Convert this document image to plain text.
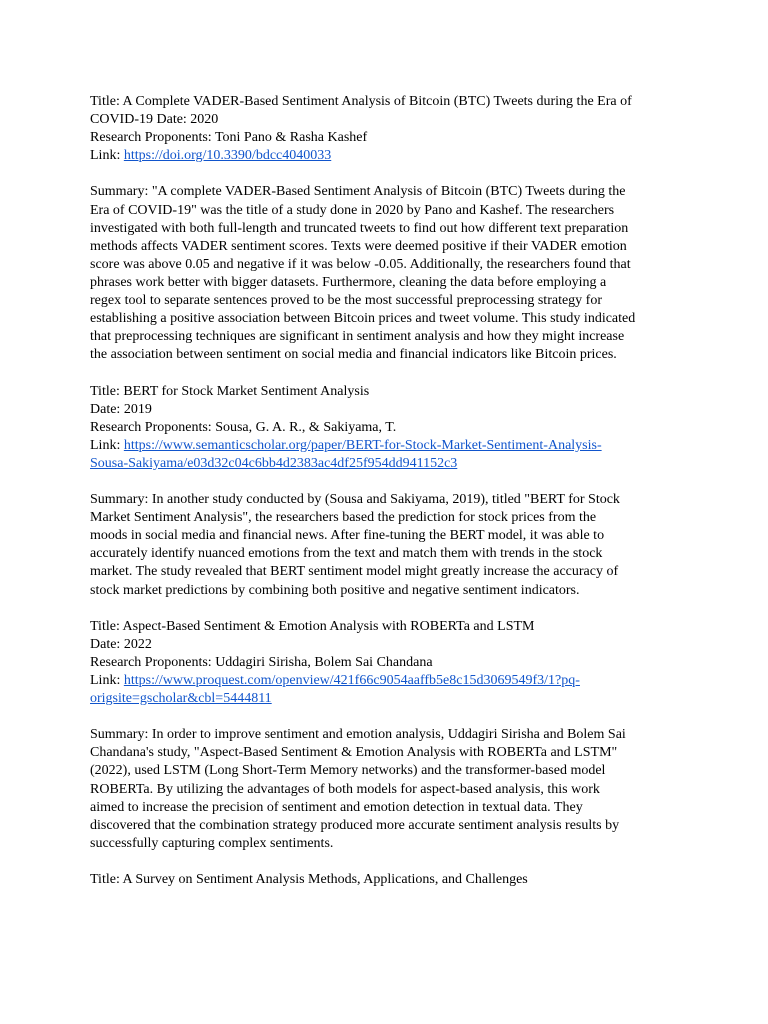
Title: A Complete VADER-Based Sentiment Analysis of Bitcoin (BTC) Tweets during the Era of
COVID-19 Date: 2020
Research Proponents: Toni Pano & Rasha Kashef
Link: https://doi.org/10.3390/bdcc4040033
Summary: "A complete VADER-Based Sentiment Analysis of Bitcoin (BTC) Tweets during the
Era of COVID-19" was the title of a study done in 2020 by Pano and Kashef. The researchers
investigated with both full-length and truncated tweets to find out how different text preparation
methods affects VADER sentiment scores. Texts were deemed positive if their VADER emotion
score was above 0.05 and negative if it was below -0.05. Additionally, the researchers found that
phrases work better with bigger datasets. Furthermore, cleaning the data before employing a
regex tool to separate sentences proved to be the most successful preprocessing strategy for
establishing a positive association between Bitcoin prices and tweet volume. This study indicated
that preprocessing techniques are significant in sentiment analysis and how they might increase
the association between sentiment on social media and financial indicators like Bitcoin prices.
Title: BERT for Stock Market Sentiment Analysis
Date: 2019
Research Proponents: Sousa, G. A. R., & Sakiyama, T.
Link: https://www.semanticscholar.org/paper/BERT-for-Stock-Market-Sentiment-Analysis-
Sousa-Sakiyama/e03d32c04c6bb4d2383ac4df25f954dd941152c3
Summary: In another study conducted by (Sousa and Sakiyama, 2019), titled "BERT for Stock
Market Sentiment Analysis", the researchers based the prediction for stock prices from the
moods in social media and financial news. After fine-tuning the BERT model, it was able to
accurately identify nuanced emotions from the text and match them with trends in the stock
market. The study revealed that BERT sentiment model might greatly increase the accuracy of
stock market predictions by combining both positive and negative sentiment indicators.
Title: Aspect-Based Sentiment & Emotion Analysis with ROBERTa and LSTM
Date: 2022
Research Proponents: Uddagiri Sirisha, Bolem Sai Chandana
Link: https://www.proquest.com/openview/421f66c9054aaffb5e8c15d3069549f3/1?pq-
origsite=gscholar&cbl=5444811
Summary: In order to improve sentiment and emotion analysis, Uddagiri Sirisha and Bolem Sai
Chandana's study, "Aspect-Based Sentiment & Emotion Analysis with ROBERTa and LSTM"
(2022), used LSTM (Long Short-Term Memory networks) and the transformer-based model
ROBERTa. By utilizing the advantages of both models for aspect-based analysis, this work
aimed to increase the precision of sentiment and emotion detection in textual data. They
discovered that the combination strategy produced more accurate sentiment analysis results by
successfully capturing complex sentiments.
Title: A Survey on Sentiment Analysis Methods, Applications, and Challenges
